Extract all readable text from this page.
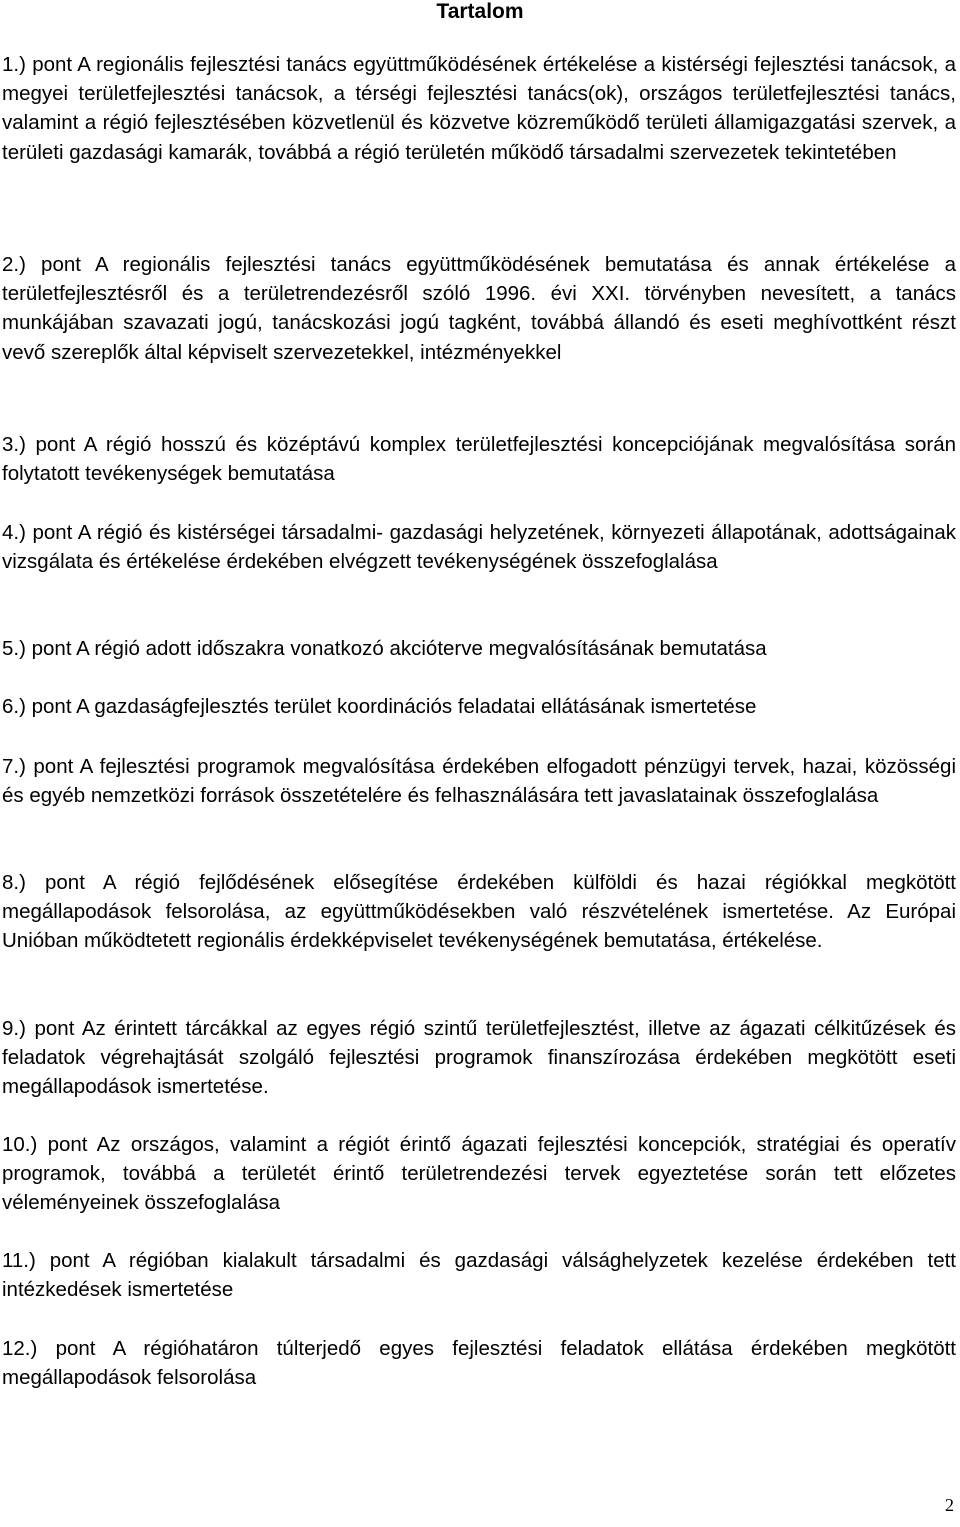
Tartalom

1.) pont A regionális fejlesztési tanács együttműködésének értékelése a kistérségi fejlesztési tanácsok, a megyei területfejlesztési tanácsok, a térségi fejlesztési tanács(ok), országos területfejlesztési tanács, valamint a régió fejlesztésében közvetlenül és közvetve közreműködő területi államigazgatási szervek, a területi gazdasági kamarák, továbbá a régió területén működő társadalmi szervezetek tekintetében

2.) pont A regionális fejlesztési tanács együttműködésének bemutatása és annak értékelése a területfejlesztésről és a területrendezésről szóló 1996. évi XXI. törvényben nevesített, a tanács munkájában szavazati jogú, tanácskozási jogú tagként, továbbá állandó és eseti meghívottként részt vevő szereplők által képviselt szervezetekkel, intézményekkel

3.) pont A régió hosszú és középtávú komplex területfejlesztési koncepciójának megvalósítása során folytatott tevékenységek bemutatása

4.) pont A régió és kistérségei társadalmi- gazdasági helyzetének, környezeti állapotának, adottságainak vizsgálata és értékelése érdekében elvégzett tevékenységének összefoglalása

5.) pont A régió adott időszakra vonatkozó akcióterve megvalósításának bemutatása

6.) pont A gazdaságfejlesztés terület koordinációs feladatai ellátásának ismertetése

7.) pont A fejlesztési programok megvalósítása érdekében elfogadott pénzügyi tervek, hazai, közösségi és egyéb nemzetközi források összetételére és felhasználására tett javaslatainak összefoglalása

8.) pont A régió fejlődésének elősegítése érdekében külföldi és hazai régiókkal megkötött megállapodások felsorolása, az együttműködésekben való részvételének ismertetése. Az Európai Unióban működtetett regionális érdekképviselet tevékenységének bemutatása, értékelése.

9.) pont Az érintett tárcákkal az egyes régió szintű területfejlesztést, illetve az ágazati célkitűzések és feladatok végrehajtását szolgáló fejlesztési programok finanszírozása érdekében megkötött eseti megállapodások ismertetése.

10.) pont Az országos, valamint a régiót érintő ágazati fejlesztési koncepciók, stratégiai és operatív programok, továbbá a területét érintő területrendezési tervek egyeztetése során tett előzetes véleményeinek összefoglalása

11.) pont A régióban kialakult társadalmi és gazdasági válsághelyzetek kezelése érdekében tett intézkedések ismertetése

12.) pont A régióhatáron túlterjedő egyes fejlesztési feladatok ellátása érdekében megkötött megállapodások felsorolása

2
